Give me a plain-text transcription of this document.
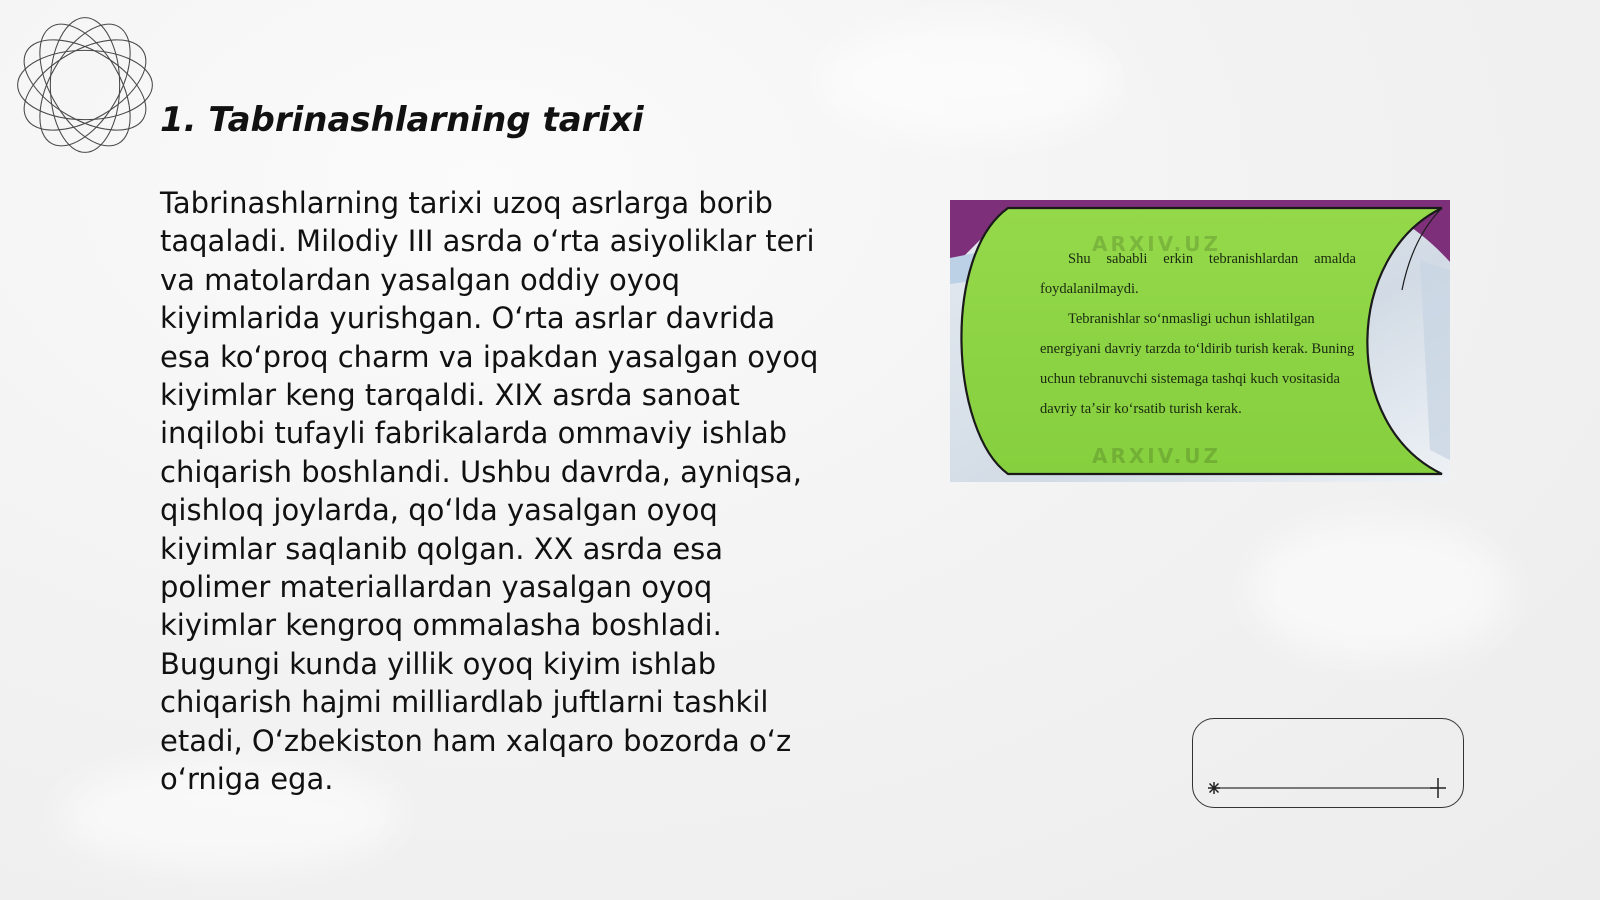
1. Tabrinashlarning tarixi
Tabrinashlarning tarixi uzoq asrlarga borib
taqaladi. Milodiy III asrda oʻrta asiyoliklar teri
va matolardan yasalgan oddiy oyoq
kiyimlarida yurishgan. Oʻrta asrlar davrida
esa koʻproq charm va ipakdan yasalgan oyoq
kiyimlar keng tarqaldi. XIX asrda sanoat
inqilobi tufayli fabrikalarda ommaviy ishlab
chiqarish boshlandi. Ushbu davrda, ayniqsa,
qishloq joylarda, qoʻlda yasalgan oyoq
kiyimlar saqlanib qolgan. XX asrda esa
polimer materiallardan yasalgan oyoq
kiyimlar kengroq ommalasha boshladi.
Bugungi kunda yillik oyoq kiyim ishlab
chiqarish hajmi milliardlab juftlarni tashkil
etadi, Oʻzbekiston ham xalqaro bozorda oʻz
oʻrniga ega.
ARXIV.UZ
ARXIV.UZ

Shu sababli erkin tebranishlardan amalda foydalanilmaydi.

Tebranishlar soʻnmasligi uchun ishlatilgan energiyani davriy tarzda toʻldirib turish kerak. Buning uchun tebranuvchi sistemaga tashqi kuch vositasida davriy taʼsir koʻrsatib turish kerak.
